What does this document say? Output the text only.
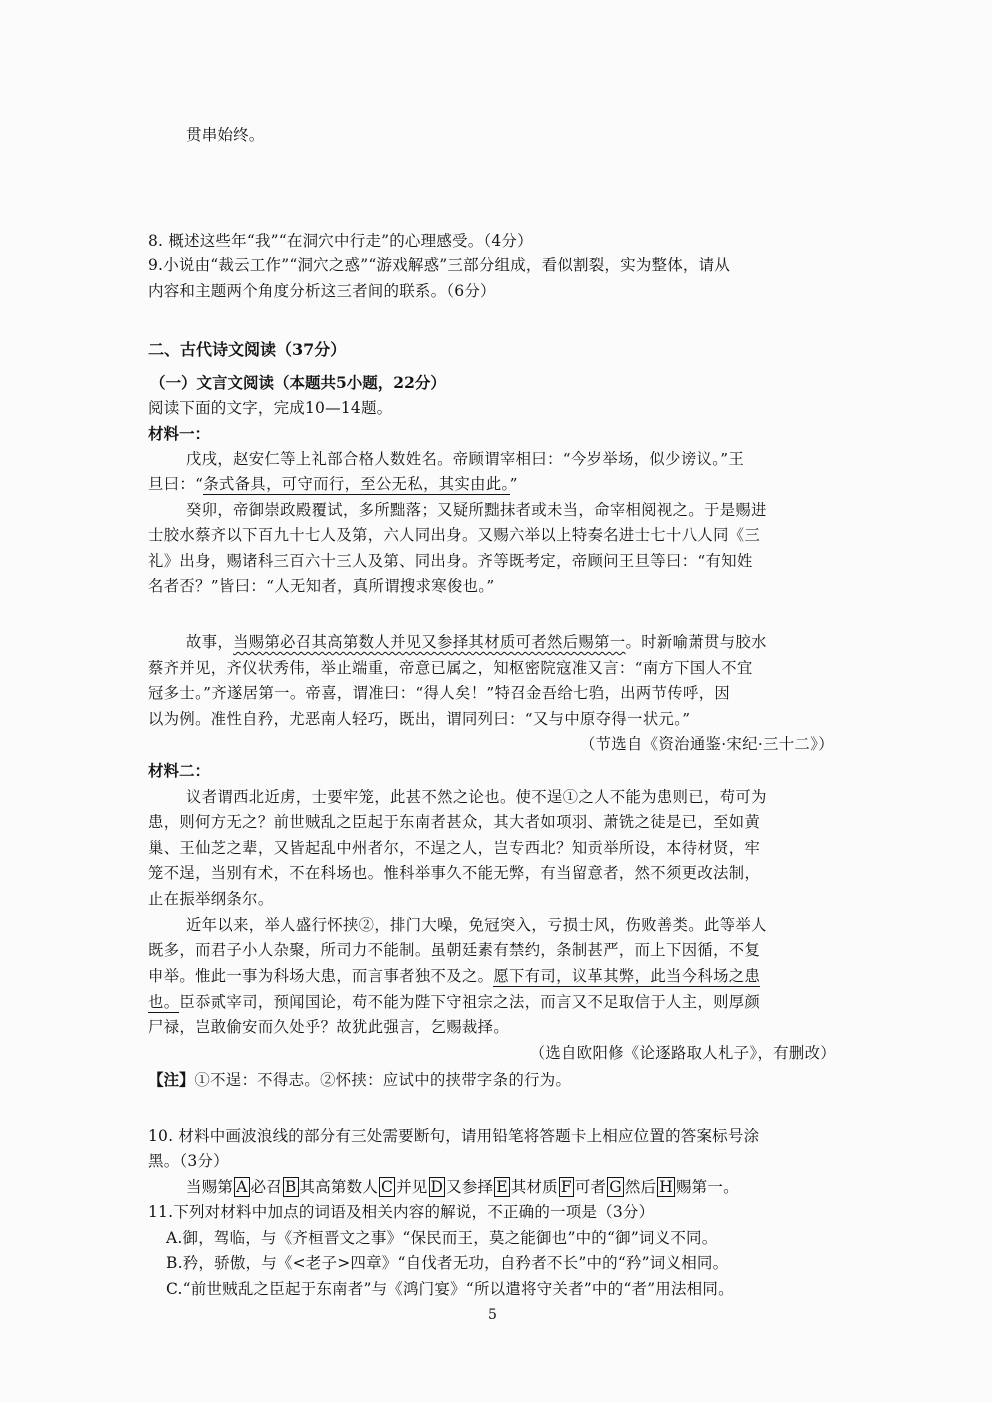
贯串始终。
8. 概述这些年“我”“在洞穴中行走”的心理感受。（4分）
9.小说由“裁云工作”“洞穴之惑”“游戏解惑”三部分组成，看似割裂，实为整体，请从
内容和主题两个角度分析这三者间的联系。（6分）
二、古代诗文阅读（37分）
（一）文言文阅读（本题共5小题，22分）
阅读下面的文字，完成10—14题。
材料一：
戊戌，赵安仁等上礼部合格人数姓名。帝顾谓宰相曰：“今岁举场，似少谤议。”王
旦曰：“条式备具，可守而行，至公无私，其实由此。”
癸卯，帝御崇政殿覆试，多所黜落；又疑所黜抹者或未当，命宰相阅视之。于是赐进
士胶水蔡齐以下百九十七人及第，六人同出身。又赐六举以上特奏名进士七十八人同《三
礼》出身，赐诸科三百六十三人及第、同出身。齐等既考定，帝顾问王旦等曰：“有知姓
名者否？”皆曰：“人无知者，真所谓搜求寒俊也。”
故事，当赐第必召其高第数人并见又参择其材质可者然后赐第一。时新喻萧贯与胶水
蔡齐并见，齐仪状秀伟，举止端重，帝意已属之，知枢密院寇准又言：“南方下国人不宜
冠多士。”齐遂居第一。帝喜，谓准曰：“得人矣！”特召金吾给七驺，出两节传呼，因
以为例。准性自矜，尤恶南人轻巧，既出，谓同列曰：“又与中原夺得一状元。”
（节选自《资治通鉴·宋纪·三十二》）
材料二：
议者谓西北近虏，士要牢笼，此甚不然之论也。使不逞①之人不能为患则已，苟可为
患，则何方无之？前世贼乱之臣起于东南者甚众，其大者如项羽、萧铣之徒是已，至如黄
巢、王仙芝之辈，又皆起乱中州者尔，不逞之人，岂专西北？知贡举所设，本待材贤，牢
笼不逞，当别有术，不在科场也。惟科举事久不能无弊，有当留意者，然不须更改法制，
止在振举纲条尔。
近年以来，举人盛行怀挟②，排门大噪，免冠突入，亏损士风，伤败善类。此等举人
既多，而君子小人杂聚，所司力不能制。虽朝廷素有禁约，条制甚严，而上下因循，不复
申举。惟此一事为科场大患，而言事者独不及之。愿下有司，议革其弊，此当今科场之患
也。臣忝贰宰司，预闻国论，苟不能为陛下守祖宗之法，而言又不足取信于人主，则厚颜
尸禄，岂敢偷安而久处乎？故犹此强言，乞赐裁择。
（选自欧阳修《论逐路取人札子》，有删改）
【注】①不逞：不得志。②怀挟：应试中的挟带字条的行为。
10. 材料中画波浪线的部分有三处需要断句，请用铅笔将答题卡上相应位置的答案标号涂
黑。（3分）
当赐第 A 必召 B 其高第数人 C 并见 D 又参择 E 其材质 F 可者 G 然后 H 赐第一。
11.下列对材料中加点的词语及相关内容的解说，不正确的一项是（3分）
A.御，驾临，与《齐桓晋文之事》“保民而王，莫之能御也”中的“御”词义不同。
B.矜，骄傲，与《<老子>四章》“自伐者无功，自矜者不长”中的“矜”词义相同。
C.“前世贼乱之臣起于东南者”与《鸿门宴》“所以遣将守关者”中的“者”用法相同。
5
